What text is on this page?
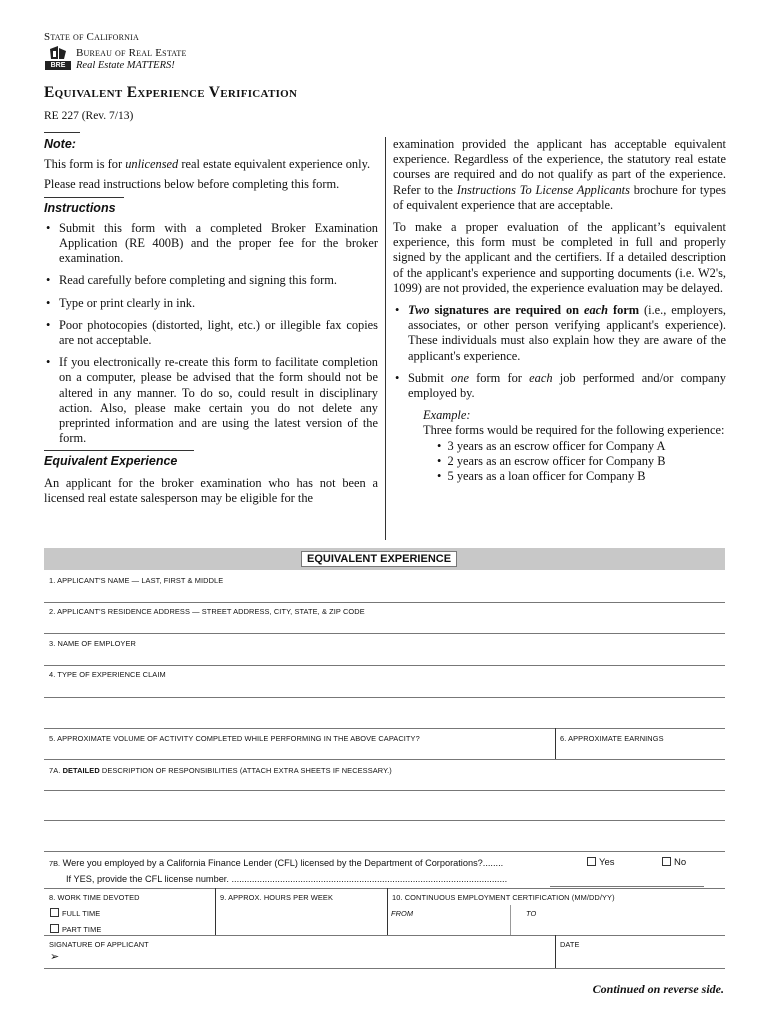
State of California
BRE
Bureau of Real Estate
Real Estate MATTERS!
Equivalent Experience Verification
RE 227 (Rev. 7/13)
Note:

This form is for unlicensed real estate equivalent experience only.

Please read instructions below before completing this form.

Instructions
• Submit this form with a completed Broker Examination Application (RE 400B) and the proper fee for the broker examination.
• Read carefully before completing and signing this form.
• Type or print clearly in ink.
• Poor photocopies (distorted, light, etc.) or illegible fax copies are not acceptable.
• If you electronically re-create this form to facilitate completion on a computer, please be advised that the form should not be altered in any manner. To do so, could result in disciplinary action. Also, please make certain you do not delete any preprinted information and are using the latest version of the form.
Equivalent Experience

An applicant for the broker examination who has not been a licensed real estate salesperson may be eligible for the

examination provided the applicant has acceptable equivalent experience. Regardless of the experience, the statutory real estate courses are required and do not qualify as part of the experience. Refer to the Instructions To License Applicants brochure for types of equivalent experience that are acceptable.

To make a proper evaluation of the applicant’s equivalent experience, this form must be completed in full and properly signed by the applicant and the certifiers. If a detailed description of the applicant's experience and supporting documents (i.e. W2's, 1099) are not provided, the experience evaluation may be delayed.

• Two signatures are required on each form (i.e., employers, associates, or other person verifying applicant's experience). These individuals must also explain how they are aware of the applicant's experience.
• Submit one form for each job performed and/or company employed by.
Example:
Three forms would be required for the following experience:
•  3 years as an escrow officer for Company A
•  2 years as an escrow officer for Company B
•  5 years as a loan officer for Company B
EQUIVALENT EXPERIENCE
1. APPLICANT'S NAME — LAST, FIRST & MIDDLE
2. APPLICANT'S RESIDENCE ADDRESS — STREET ADDRESS, CITY, STATE, & ZIP CODE
3. NAME OF EMPLOYER
4. TYPE OF EXPERIENCE CLAIM
5. APPROXIMATE VOLUME OF ACTIVITY COMPLETED WHILE PERFORMING IN THE ABOVE CAPACITY?	6. APPROXIMATE EARNINGS
7A. DETAILED DESCRIPTION OF RESPONSIBILITIES (ATTACH EXTRA SHEETS IF NECESSARY.)
7B. Were you employed by a California Finance Lender (CFL) licensed by the Department of Corporations?........	Yes	No
If YES, provide the CFL license number. ............................................................................................................
8. WORK TIME DEVOTED
FULL TIME
PART TIME
9. APPROX. HOURS PER WEEK	10. CONTINUOUS EMPLOYMENT CERTIFICATION (MM/DD/YY)
FROM	TO
SIGNATURE OF APPLICANT
➢
DATE
Continued on reverse side.
